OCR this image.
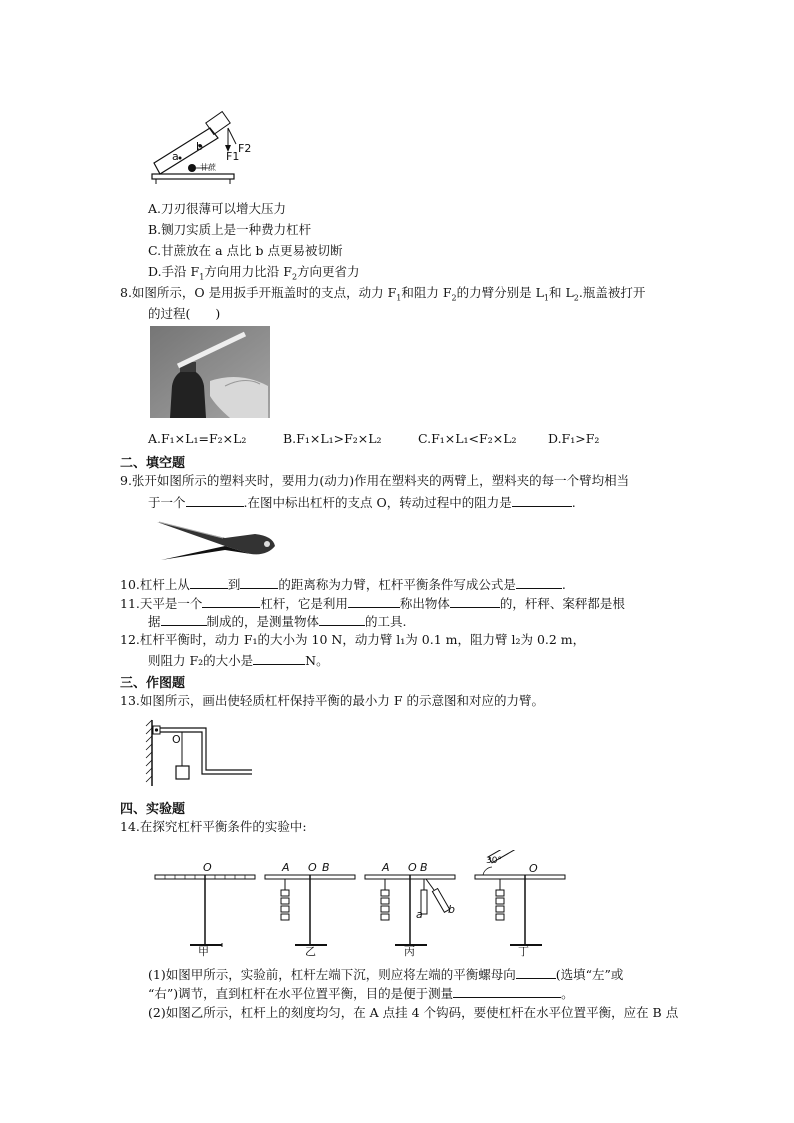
a
b
F1
F2
甘蔗
A.刀刃很薄可以增大压力
B.铡刀实质上是一种费力杠杆
C.甘蔗放在 a 点比 b 点更易被切断
D.手沿 $F_1$方向用力比沿 $F_2$方向更省力
8.如图所示，O 是用扳手开瓶盖时的支点，动力 $F_1$和阻力 $F_2$的力臂分别是 $L_1$和 $L_2$.瓶盖被打开
的过程(　　)
A.F₁×L₁=F₂×L₂	B.F₁×L₁>F₂×L₂	C.F₁×L₁<F₂×L₂	D.F₁>F₂
二、填空题
9.张开如图所示的塑料夹时，要用力(动力)作用在塑料夹的两臂上，塑料夹的每一个臂均相当
于一个	.在图中标出杠杆的支点 O，转动过程中的阻力是	.
10.杠杆上从	到	的距离称为力臂，杠杆平衡条件写成公式是	.
11.天平是一个	杠杆，它是利用	称出物体	的，杆秤、案秤都是根
据	制成的，是测量物体	的工具.
12.杠杆平衡时，动力 F₁的大小为 10 N，动力臂 l₁为 0.1 m，阻力臂 l₂为 0.2 m，
则阻力 F₂的大小是	N。
三、作图题
13.如图所示，画出使轻质杠杆保持平衡的最小力 F 的示意图和对应的力臂。
O
四、实验题
14.在探究杠杆平衡条件的实验中:
O	A O B	A O B
a b
30°
O
甲	乙	丙	丁
(1)如图甲所示，实验前，杠杆左端下沉，则应将左端的平衡螺母向	(选填“左”或
“右”)调节，直到杠杆在水平位置平衡，目的是便于测量	。
(2)如图乙所示，杠杆上的刻度均匀，在 A 点挂 4 个钩码，要使杠杆在水平位置平衡，应在 B 点
